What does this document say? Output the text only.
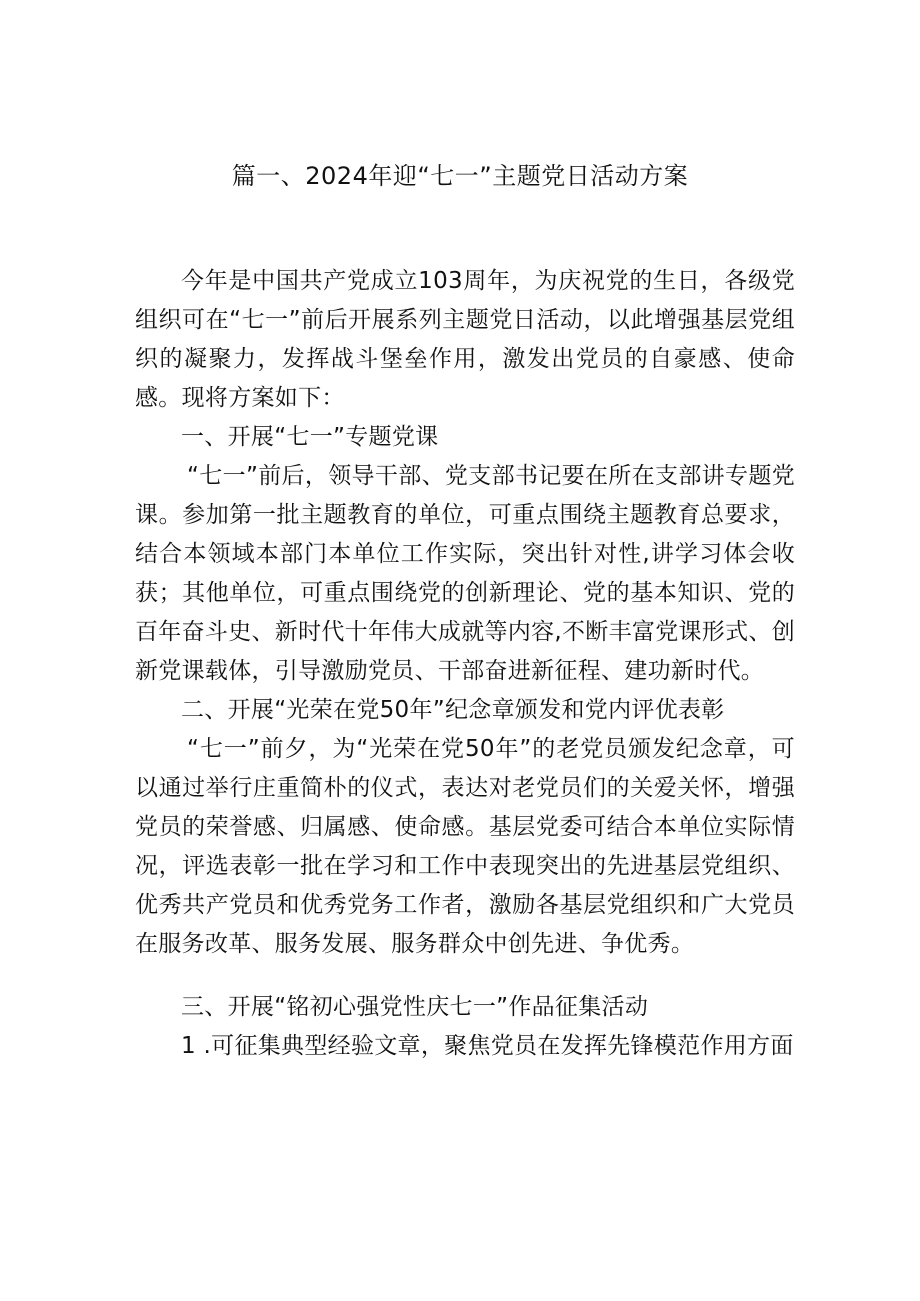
篇一、2024年迎“七一”主题党日活动方案

今年是中国共产党成立103周年，为庆祝党的生日，各级党组织可在“七一”前后开展系列主题党日活动，以此增强基层党组织的凝聚力，发挥战斗堡垒作用，激发出党员的自豪感、使命感。现将方案如下：

一、开展“七一”专题党课

“七一”前后，领导干部、党支部书记要在所在支部讲专题党课。参加第一批主题教育的单位，可重点围绕主题教育总要求，结合本领域本部门本单位工作实际，突出针对性,讲学习体会收获；其他单位，可重点围绕党的创新理论、党的基本知识、党的百年奋斗史、新时代十年伟大成就等内容,不断丰富党课形式、创新党课载体，引导激励党员、干部奋进新征程、建功新时代。

二、开展“光荣在党50年”纪念章颁发和党内评优表彰

“七一”前夕，为“光荣在党50年”的老党员颁发纪念章，可以通过举行庄重简朴的仪式，表达对老党员们的关爱关怀，增强党员的荣誉感、归属感、使命感。基层党委可结合本单位实际情况，评选表彰一批在学习和工作中表现突出的先进基层党组织、优秀共产党员和优秀党务工作者，激励各基层党组织和广大党员在服务改革、服务发展、服务群众中创先进、争优秀。

三、开展“铭初心强党性庆七一”作品征集活动

1 .可征集典型经验文章，聚焦党员在发挥先锋模范作用方面
